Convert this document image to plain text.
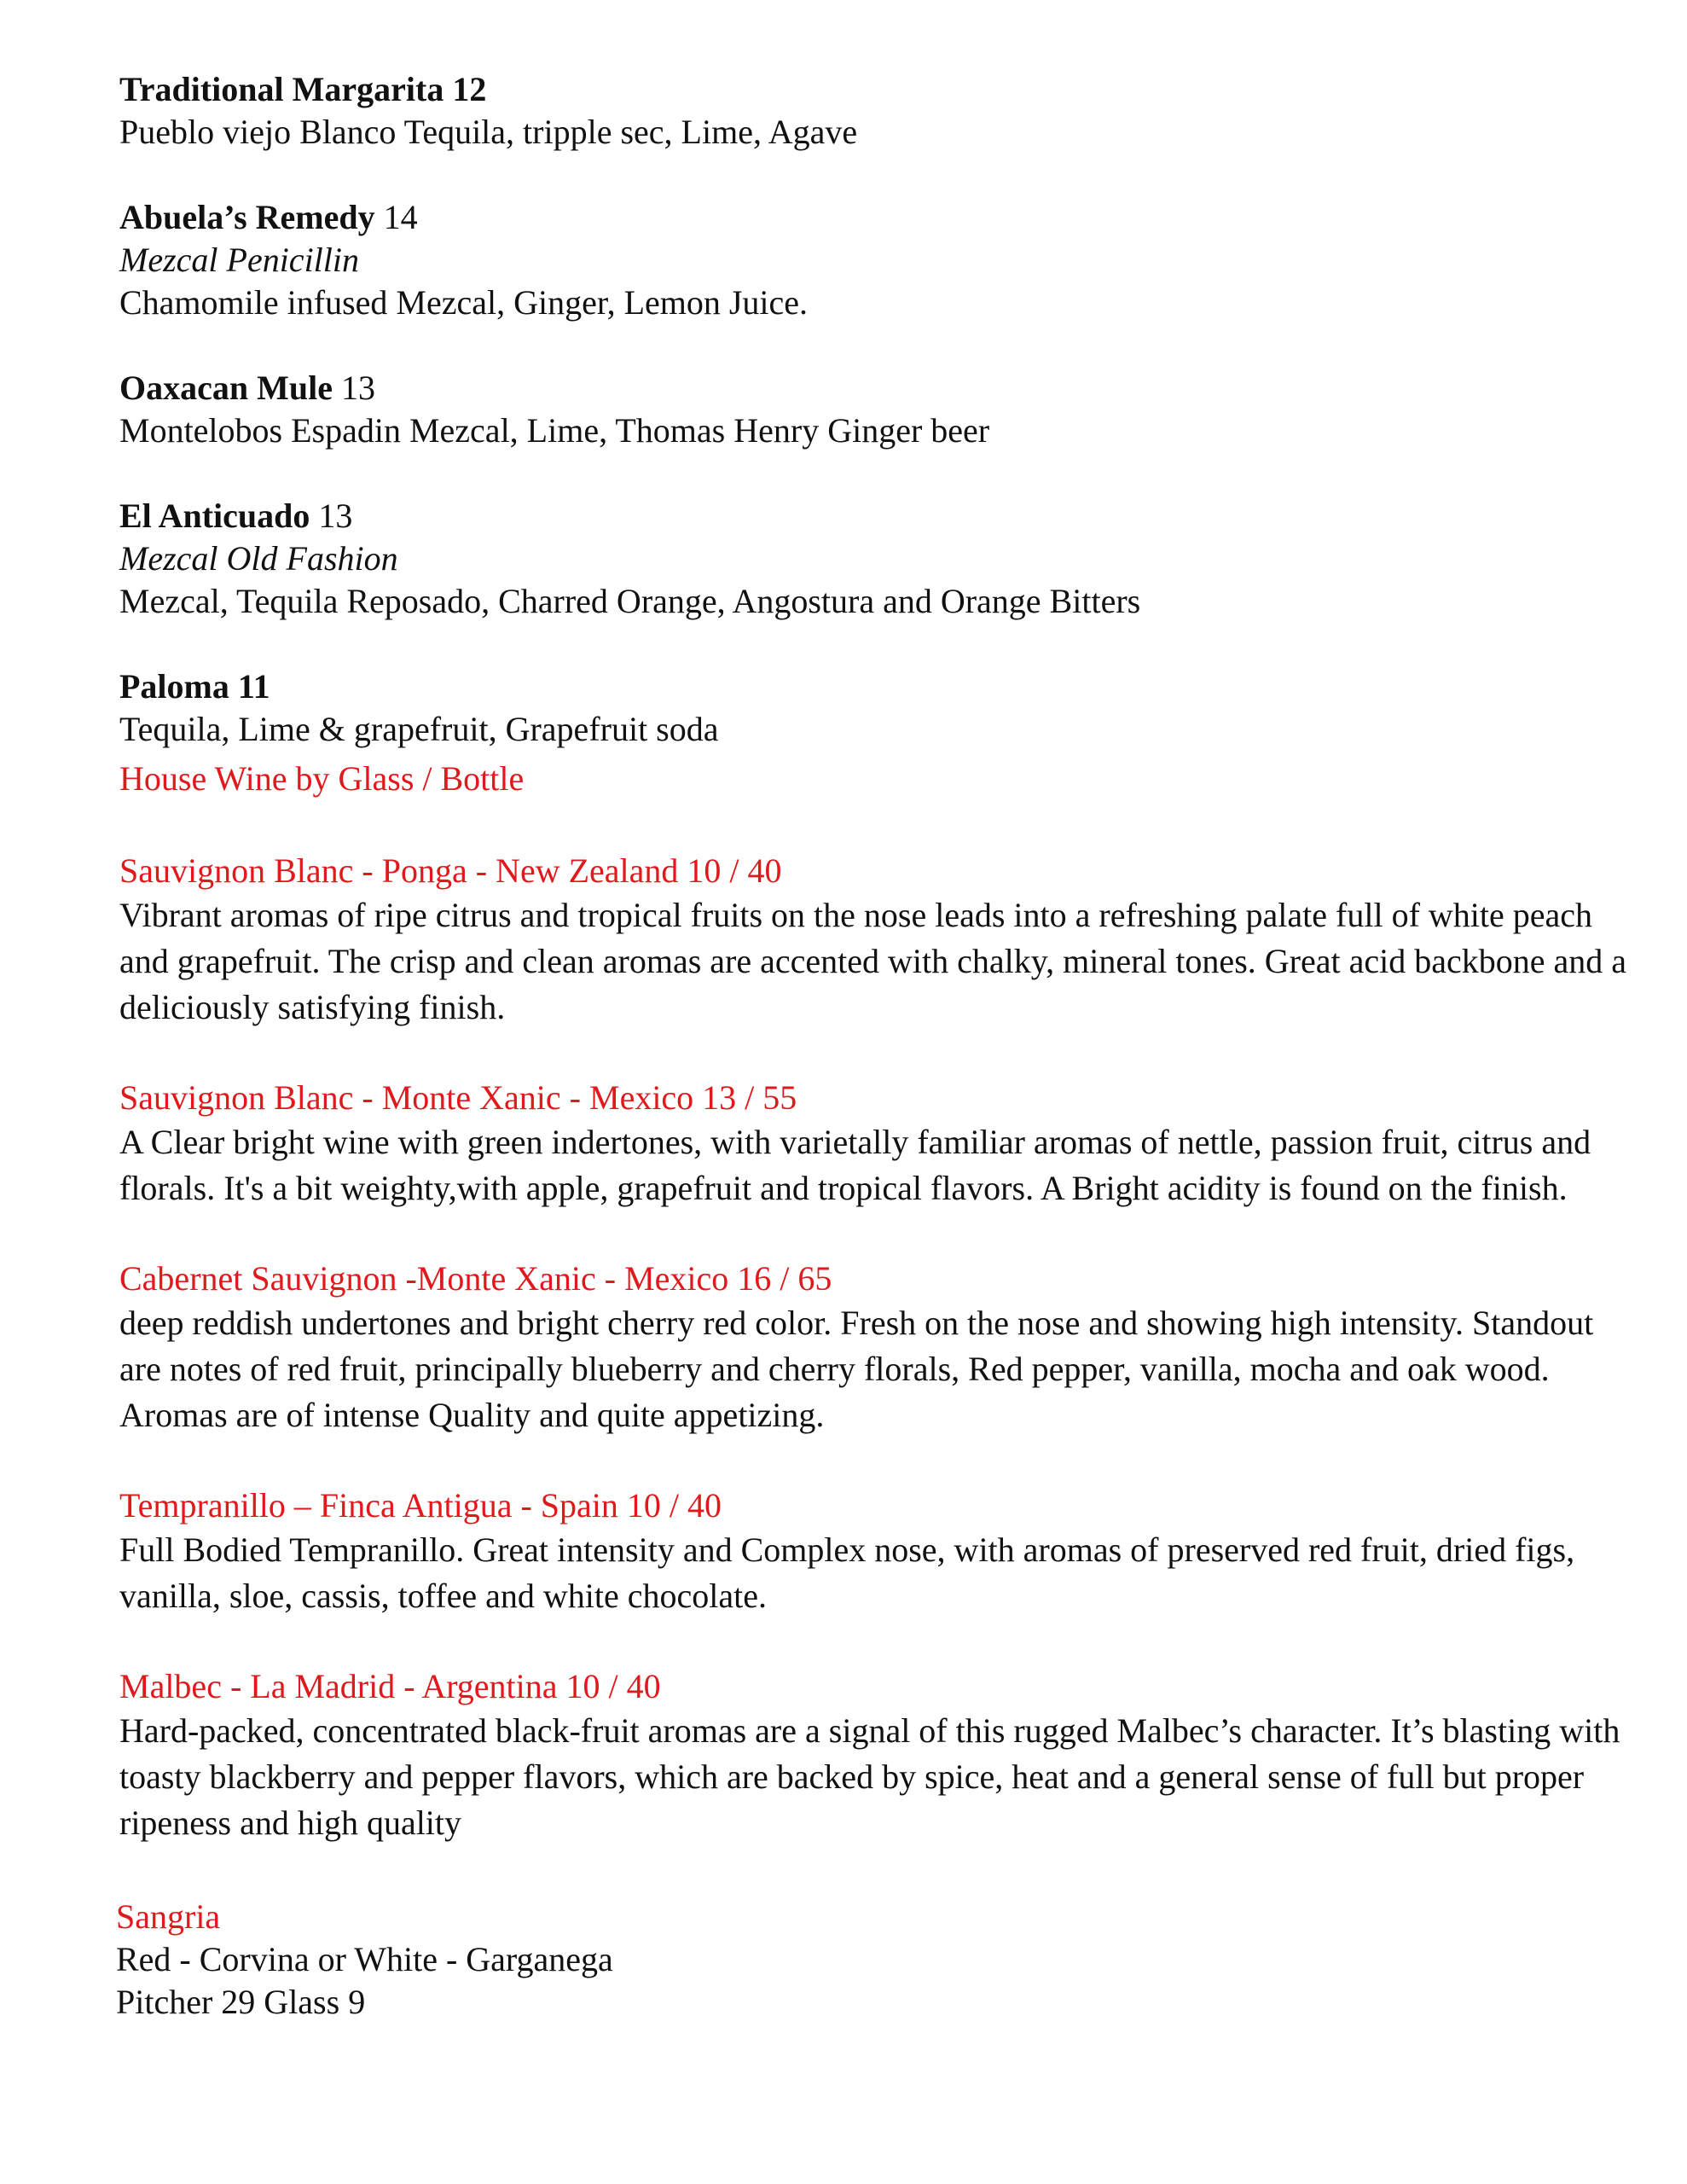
Traditional Margarita 12
Pueblo viejo Blanco Tequila, tripple sec, Lime, Agave
Abuela’s Remedy 14
Mezcal Penicillin
Chamomile infused Mezcal, Ginger, Lemon Juice.
Oaxacan Mule 13
Montelobos Espadin Mezcal, Lime, Thomas Henry Ginger beer
El Anticuado 13
Mezcal Old Fashion
Mezcal, Tequila Reposado, Charred Orange, Angostura and Orange Bitters
Paloma 11
Tequila, Lime & grapefruit, Grapefruit soda
House Wine by Glass / Bottle
Sauvignon Blanc - Ponga - New Zealand 10 / 40
Vibrant aromas of ripe citrus and tropical fruits on the nose leads into a refreshing palate full of white peach and grapefruit. The crisp and clean aromas are accented with chalky, mineral tones. Great acid backbone and a deliciously satisfying finish.
Sauvignon Blanc - Monte Xanic - Mexico 13 / 55
A Clear bright wine with green indertones, with varietally familiar aromas of nettle, passion fruit, citrus and florals. It's a bit weighty,with apple, grapefruit and tropical flavors. A Bright acidity is found on the finish.
Cabernet Sauvignon -Monte Xanic - Mexico 16 / 65
deep reddish undertones and bright cherry red color. Fresh on the nose and showing high intensity. Standout are notes of red fruit, principally blueberry and cherry florals, Red pepper, vanilla, mocha and oak wood. Aromas are of intense Quality and quite appetizing.
Tempranillo – Finca Antigua - Spain 10 / 40
Full Bodied Tempranillo. Great intensity and Complex nose, with aromas of preserved red fruit, dried figs, vanilla, sloe, cassis, toffee and white chocolate.
Malbec - La Madrid - Argentina 10 / 40
Hard-packed, concentrated black-fruit aromas are a signal of this rugged Malbec’s character. It’s blasting with toasty blackberry and pepper flavors, which are backed by spice, heat and a general sense of full but proper ripeness and high quality
Sangria
Red - Corvina or White - Garganega
Pitcher 29 Glass 9
